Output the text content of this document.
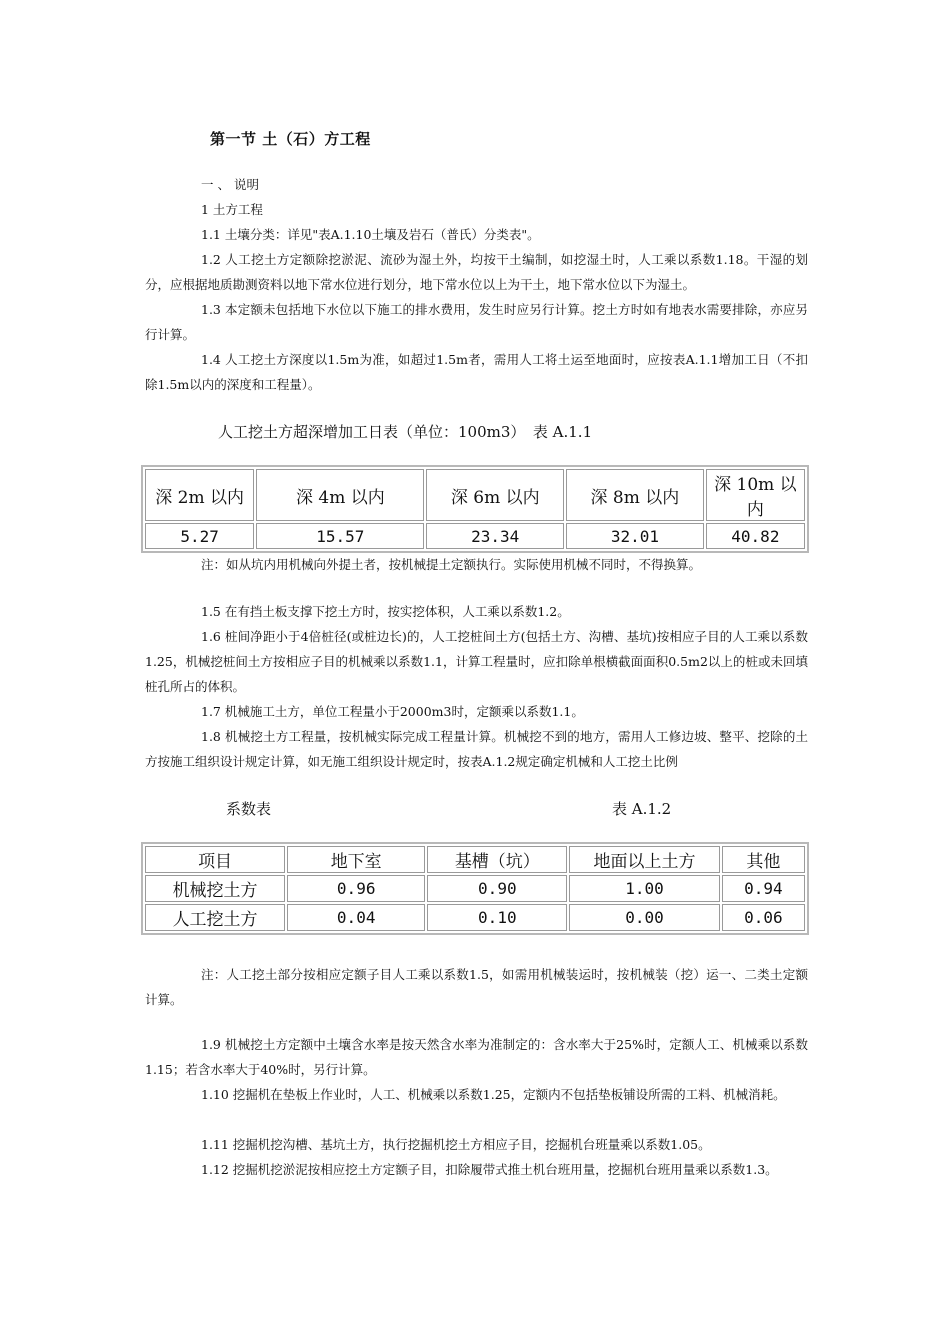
第一节 土（石）方工程
一 、 说明
1 土方工程
1.1 土壤分类：详见"表A.1.10土壤及岩石（普氏）分类表"。
1.2 人工挖土方定额除挖淤泥、流砂为湿土外，均按干土编制，如挖湿土时，人工乘以系数1.18。干湿的划分，应根据地质勘测资料以地下常水位进行划分，地下常水位以上为干土，地下常水位以下为湿土。
1.3 本定额未包括地下水位以下施工的排水费用，发生时应另行计算。挖土方时如有地表水需要排除，亦应另行计算。
1.4 人工挖土方深度以1.5m为准，如超过1.5m者，需用人工将土运至地面时，应按表A.1.1增加工日（不扣除1.5m以内的深度和工程量）。
人工挖土方超深增加工日表（单位：100m3）　表 A.1.1
深 2m 以内	深 4m 以内	深 6m 以内	深 8m 以内	深 10m 以内
5.27	15.57	23.34	32.01	40.82
注：如从坑内用机械向外提土者，按机械提土定额执行。实际使用机械不同时，不得换算。
1.5 在有挡土板支撑下挖土方时，按实挖体积，人工乘以系数1.2。
1.6 桩间净距小于4倍桩径(或桩边长)的，人工挖桩间土方(包括土方、沟槽、基坑)按相应子目的人工乘以系数1.25，机械挖桩间土方按相应子目的机械乘以系数1.1，计算工程量时，应扣除单根横截面面积0.5m2以上的桩或未回填桩孔所占的体积。
1.7 机械施工土方，单位工程量小于2000m3时，定额乘以系数1.1。
1.8 机械挖土方工程量，按机械实际完成工程量计算。机械挖不到的地方，需用人工修边坡、整平、挖除的土方按施工组织设计规定计算，如无施工组织设计规定时，按表A.1.2规定确定机械和人工挖土比例
系数表	表 A.1.2
项目	地下室	基槽（坑）	地面以上土方	其他
机械挖土方	0.96	0.90	1.00	0.94
人工挖土方	0.04	0.10	0.00	0.06
注：人工挖土部分按相应定额子目人工乘以系数1.5，如需用机械装运时，按机械装（挖）运一、二类土定额计算。
1.9 机械挖土方定额中土壤含水率是按天然含水率为准制定的：含水率大于25%时，定额人工、机械乘以系数1.15；若含水率大于40%时，另行计算。
1.10 挖掘机在垫板上作业时，人工、机械乘以系数1.25，定额内不包括垫板铺设所需的工料、机械消耗。
1.11 挖掘机挖沟槽、基坑土方，执行挖掘机挖土方相应子目，挖掘机台班量乘以系数1.05。
1.12 挖掘机挖淤泥按相应挖土方定额子目，扣除履带式推土机台班用量，挖掘机台班用量乘以系数1.3。
